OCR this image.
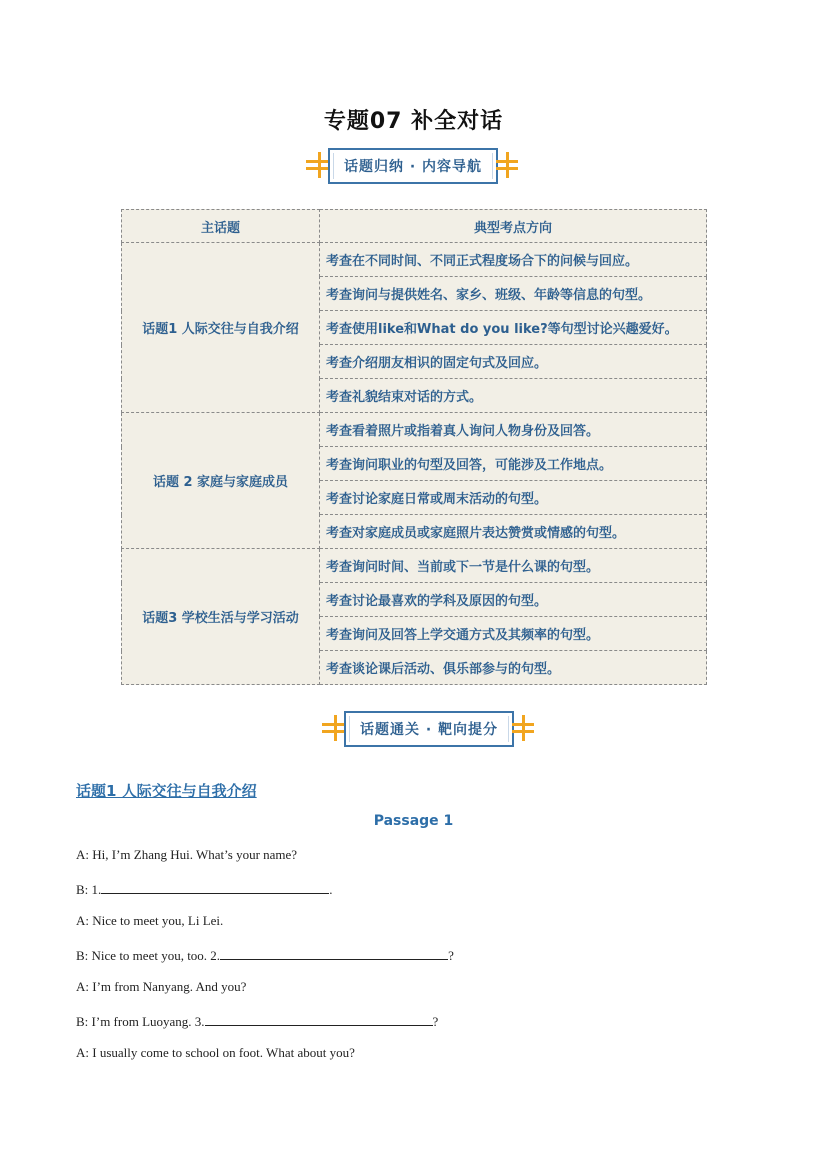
专题07 补全对话
话题归纳 · 内容导航
主话题	典型考点方向
话题1 人际交往与自我介绍	考查在不同时间、不同正式程度场合下的问候与回应。
	考查询问与提供姓名、家乡、班级、年龄等信息的句型。
	考查使用like和What do you like?等句型讨论兴趣爱好。
	考查介绍朋友相识的固定句式及回应。
	考查礼貌结束对话的方式。
话题 2 家庭与家庭成员	考查看着照片或指着真人询问人物身份及回答。
	考查询问职业的句型及回答，可能涉及工作地点。
	考查讨论家庭日常或周末活动的句型。
	考查对家庭成员或家庭照片表达赞赏或情感的句型。
话题3 学校生活与学习活动	考查询问时间、当前或下一节是什么课的句型。
	考查讨论最喜欢的学科及原因的句型。
	考查询问及回答上学交通方式及其频率的句型。
	考查谈论课后活动、俱乐部参与的句型。
话题通关 · 靶向提分
话题1 人际交往与自我介绍
Passage 1
A: Hi, I’m Zhang Hui. What’s your name?
B: 1.	.
A: Nice to meet you, Li Lei.
B: Nice to meet you, too. 2.	?
A: I’m from Nanyang. And you?
B: I’m from Luoyang. 3.	?
A: I usually come to school on foot. What about you?
